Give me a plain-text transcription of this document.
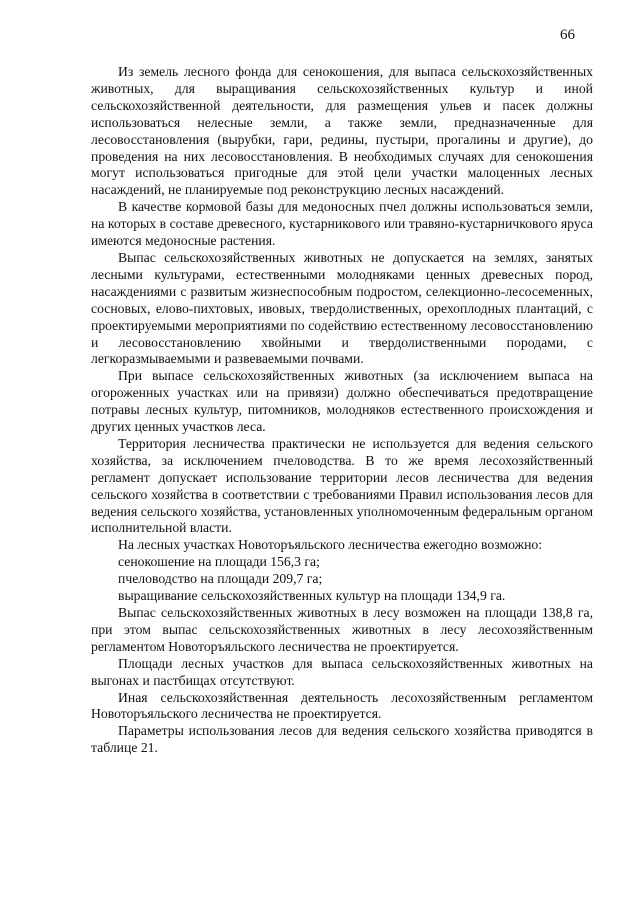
66

Из земель лесного фонда для сенокошения, для выпаса сельскохозяйственных животных, для выращивания сельскохозяйственных культур и иной сельскохозяйственной деятельности, для размещения ульев и пасек должны использоваться нелесные земли, а также земли, предназначенные для лесовосстановления (вырубки, гари, редины, пустыри, прогалины и другие), до проведения на них лесовосстановления. В необходимых случаях для сенокошения могут использоваться пригодные для этой цели участки малоценных лесных насаждений, не планируемые под реконструкцию лесных насаждений.

В качестве кормовой базы для медоносных пчел должны использоваться земли, на которых в составе древесного, кустарникового или травяно-кустарничкового яруса имеются медоносные растения.

Выпас сельскохозяйственных животных не допускается на землях, занятых лесными культурами, естественными молодняками ценных древесных пород, насаждениями с развитым жизнеспособным подростом, селекционно-лесосеменных, сосновых, елово-пихтовых, ивовых, твердолиственных, орехоплодных плантаций, с проектируемыми мероприятиями по содействию естественному лесовосстановлению и лесовосстановлению хвойными и твердолиственными породами, с легкоразмываемыми и развеваемыми почвами.

При выпасе сельскохозяйственных животных (за исключением выпаса на огороженных участках или на привязи) должно обеспечиваться предотвращение потравы лесных культур, питомников, молодняков естественного происхождения и других ценных участков леса.

Территория лесничества практически не используется для ведения сельского хозяйства, за исключением пчеловодства. В то же время лесохозяйственный регламент допускает использование территории лесов лесничества для ведения сельского хозяйства в соответствии с требованиями Правил использования лесов для ведения сельского хозяйства, установленных уполномоченным федеральным органом исполнительной власти.

На лесных участках Новоторъяльского лесничества ежегодно возможно:

сенокошение на площади 156,3 га;

пчеловодство на площади 209,7 га;

выращивание сельскохозяйственных культур на площади 134,9 га.

Выпас сельскохозяйственных животных в лесу возможен на площади 138,8 га, при этом выпас сельскохозяйственных животных в лесу лесохозяйственным регламентом Новоторъяльского лесничества не проектируется.

Площади лесных участков для выпаса сельскохозяйственных животных на выгонах и пастбищах отсутствуют.

Иная сельскохозяйственная деятельность лесохозяйственным регламентом Новоторъяльского лесничества не проектируется.

Параметры использования лесов для ведения сельского хозяйства приводятся в таблице 21.
